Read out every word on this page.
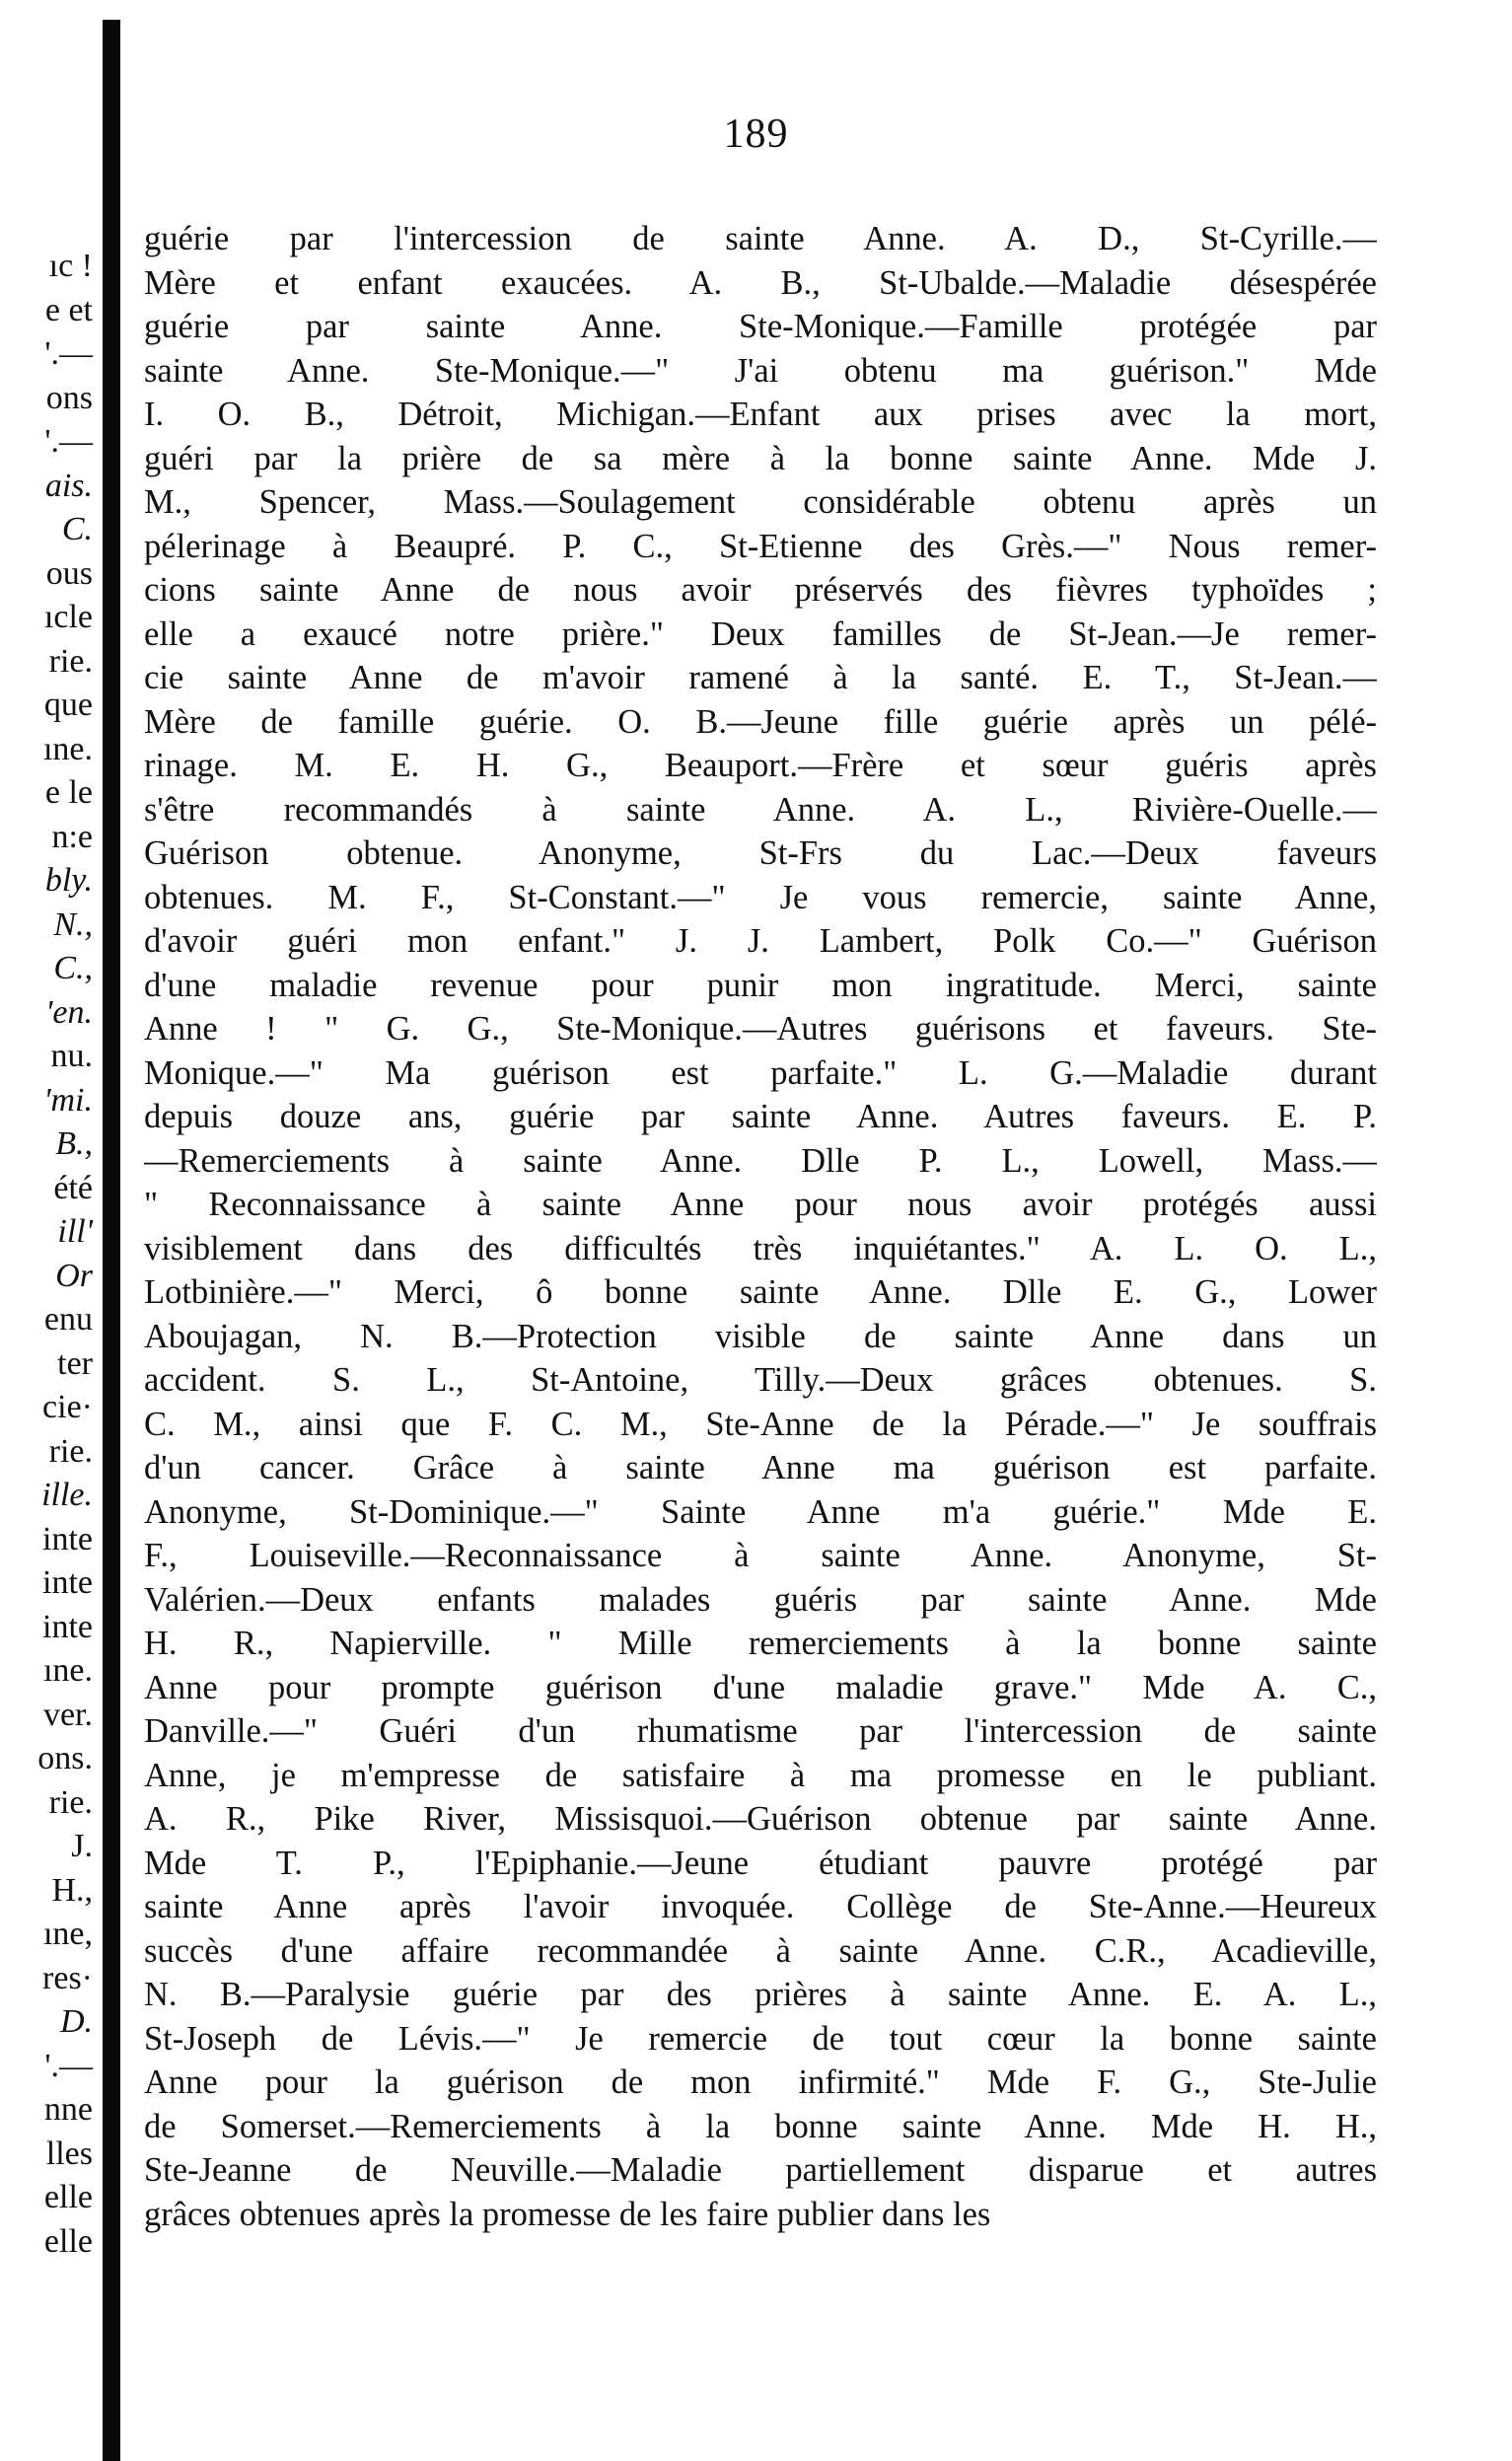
189
ıc !
e et
'.—
ons
'.—
ais.
C.
ous
ıcle
rie.
que
ıne.
e le
n:e
bly.
N.,
C.,
'en.
nu.
'mi.
B.,
été
ill'
Or
enu
ter
cie·
rie.
ille.
inte
inte
inte
ıne.
ver.
ons.
rie.
J.
H.,
ıne,
res·
D.
'.—
nne
lles
elle
elle
guérie par l'intercession de sainte Anne. A. D., St-Cyrille.—
Mère et enfant exaucées. A. B., St-Ubalde.—Maladie désespérée
guérie par sainte Anne. Ste-Monique.—Famille protégée par
sainte Anne. Ste-Monique.—" J'ai obtenu ma guérison." Mde
I. O. B., Détroit, Michigan.—Enfant aux prises avec la mort,
guéri par la prière de sa mère à la bonne sainte Anne. Mde J.
M., Spencer, Mass.—Soulagement considérable obtenu après un
pélerinage à Beaupré. P. C., St-Etienne des Grès.—" Nous remer-
cions sainte Anne de nous avoir préservés des fièvres typhoïdes ;
elle a exaucé notre prière." Deux familles de St-Jean.—Je remer-
cie sainte Anne de m'avoir ramené à la santé. E. T., St-Jean.—
Mère de famille guérie. O. B.—Jeune fille guérie après un pélé-
rinage. M. E. H. G., Beauport.—Frère et sœur guéris après
s'être recommandés à sainte Anne. A. L., Rivière-Ouelle.—
Guérison obtenue. Anonyme, St-Frs du Lac.—Deux faveurs
obtenues. M. F., St-Constant.—" Je vous remercie, sainte Anne,
d'avoir guéri mon enfant." J. J. Lambert, Polk Co.—" Guérison
d'une maladie revenue pour punir mon ingratitude. Merci, sainte
Anne ! " G. G., Ste-Monique.—Autres guérisons et faveurs. Ste-
Monique.—" Ma guérison est parfaite." L. G.—Maladie durant
depuis douze ans, guérie par sainte Anne. Autres faveurs. E. P.
—Remerciements à sainte Anne. Dlle P. L., Lowell, Mass.—
" Reconnaissance à sainte Anne pour nous avoir protégés aussi
visiblement dans des difficultés très inquiétantes." A. L. O. L.,
Lotbinière.—" Merci, ô bonne sainte Anne. Dlle E. G., Lower
Aboujagan, N. B.—Protection visible de sainte Anne dans un
accident. S. L., St-Antoine, Tilly.—Deux grâces obtenues. S.
C. M., ainsi que F. C. M., Ste-Anne de la Pérade.—" Je souffrais
d'un cancer. Grâce à sainte Anne ma guérison est parfaite.
Anonyme, St-Dominique.—" Sainte Anne m'a guérie." Mde E.
F., Louiseville.—Reconnaissance à sainte Anne. Anonyme, St-
Valérien.—Deux enfants malades guéris par sainte Anne. Mde
H. R., Napierville. " Mille remerciements à la bonne sainte
Anne pour prompte guérison d'une maladie grave." Mde A. C.,
Danville.—" Guéri d'un rhumatisme par l'intercession de sainte
Anne, je m'empresse de satisfaire à ma promesse en le publiant.
A. R., Pike River, Missisquoi.—Guérison obtenue par sainte Anne.
Mde T. P., l'Epiphanie.—Jeune étudiant pauvre protégé par
sainte Anne après l'avoir invoquée. Collège de Ste-Anne.—Heureux
succès d'une affaire recommandée à sainte Anne. C.R., Acadieville,
N. B.—Paralysie guérie par des prières à sainte Anne. E. A. L.,
St-Joseph de Lévis.—" Je remercie de tout cœur la bonne sainte
Anne pour la guérison de mon infirmité." Mde F. G., Ste-Julie
de Somerset.—Remerciements à la bonne sainte Anne. Mde H. H.,
Ste-Jeanne de Neuville.—Maladie partiellement disparue et autres
grâces obtenues après la promesse de les faire publier dans les
